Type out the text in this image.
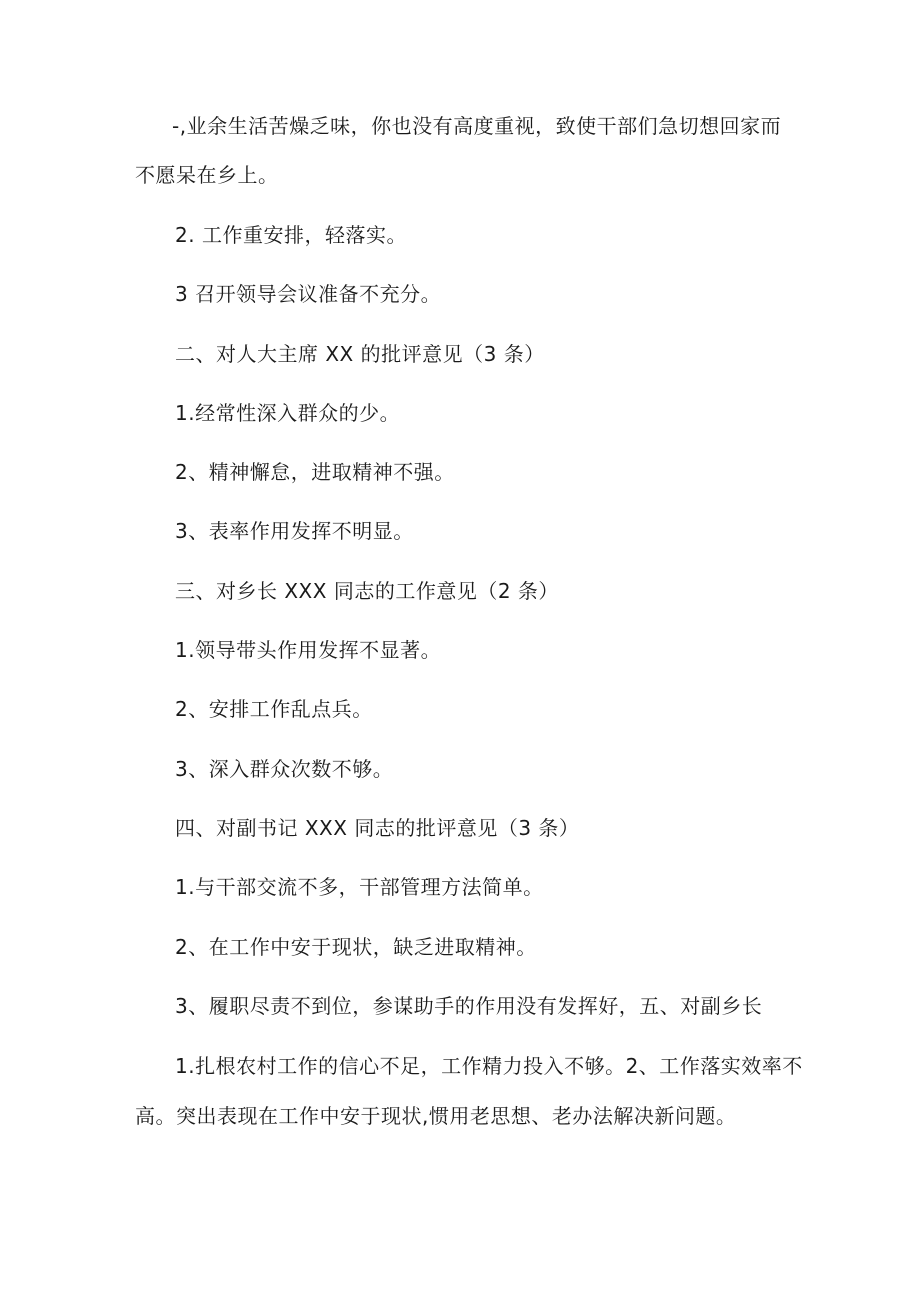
-,业余生活苦燥乏味，你也没有高度重视，致使干部们急切想回家而
不愿呆在乡上。
2. 工作重安排，轻落实。
3 召开领导会议准备不充分。
二、对人大主席 XX 的批评意见（3 条）
1.经常性深入群众的少。
2、精神懈怠，进取精神不强。
3、表率作用发挥不明显。
三、对乡长 XXX 同志的工作意见（2 条）
1.领导带头作用发挥不显著。
2、安排工作乱点兵。
3、深入群众次数不够。
四、对副书记 XXX 同志的批评意见（3 条）
1.与干部交流不多，干部管理方法简单。
2、在工作中安于现状，缺乏进取精神。
3、履职尽责不到位，参谋助手的作用没有发挥好，五、对副乡长
1.扎根农村工作的信心不足，工作精力投入不够。2、工作落实效率不
高。突出表现在工作中安于现状,惯用老思想、老办法解决新问题。
